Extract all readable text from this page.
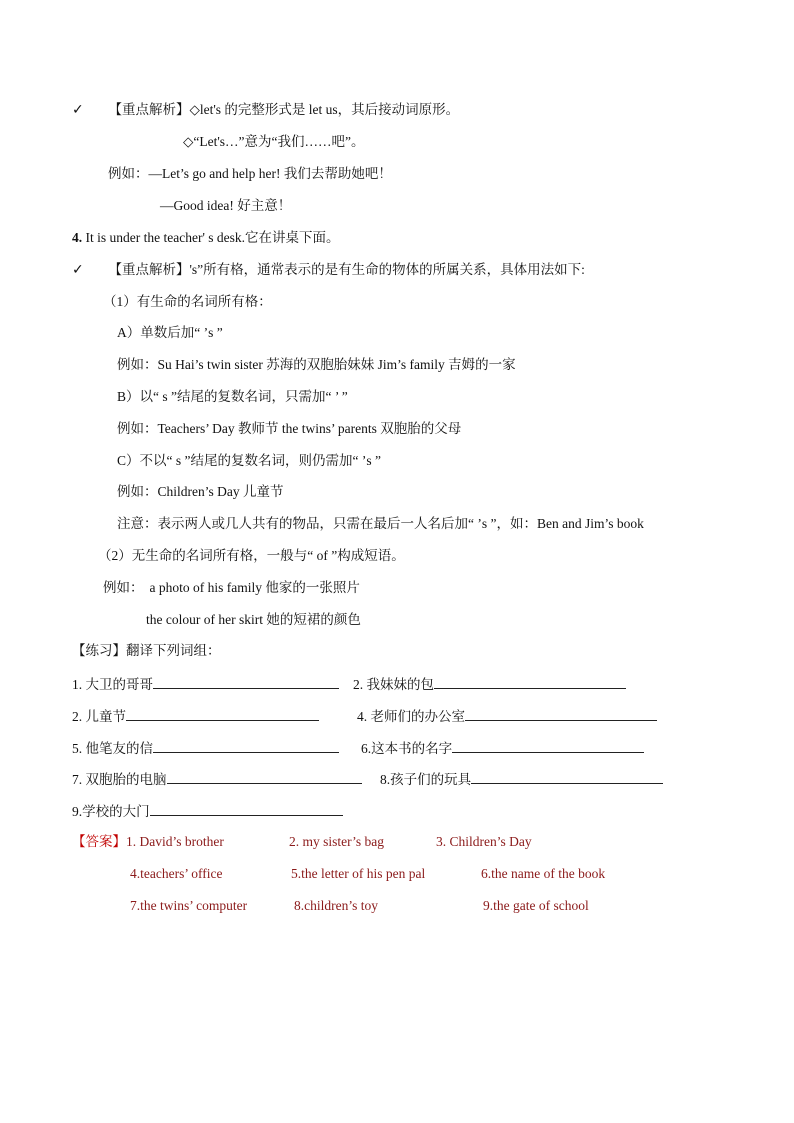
✓ 【重点解析】◇let's 的完整形式是 let us，其后接动词原形。
◇“Let's…”意为“我们……吧”。
例如：—Let’s go and help her! 我们去帮助她吧！
—Good idea! 好主意！
4. It is under the teacher' s desk.它在讲桌下面。
✓ 【重点解析】's”所有格，通常表示的是有生命的物体的所属关系，具体用法如下:
（1）有生命的名词所有格：
A）单数后加“ ’s ”
例如：Su Hai’s twin sister 苏海的双胞胎妹妹 Jim’s family 吉姆的一家
B）以“ s ”结尾的复数名词，只需加“ ’ ”
例如：Teachers’ Day 教师节 the twins’ parents 双胞胎的父母
C）不以“ s ”结尾的复数名词，则仍需加“ ’s ”
例如：Children’s Day 儿童节
注意：表示两人或几人共有的物品，只需在最后一人名后加“ ’s ”，如：Ben and Jim’s book
（2）无生命的名词所有格，一般与“ of ”构成短语。
例如： a photo of his family 他家的一张照片
the colour of her skirt 她的短裙的颜色
【练习】翻译下列词组：
1. 大卫的哥哥	2. 我妹妹的包
2. 儿童节	4. 老师们的办公室
5. 他笔友的信	6.这本书的名字
7. 双胞胎的电脑	8.孩子们的玩具
9.学校的大门
【答案】1. David’s brother	2. my sister’s bag	3. Children’s Day
4.teachers’ office	5.the letter of his pen pal	6.the name of the book
7.the twins’ computer	8.children’s toy	9.the gate of school
